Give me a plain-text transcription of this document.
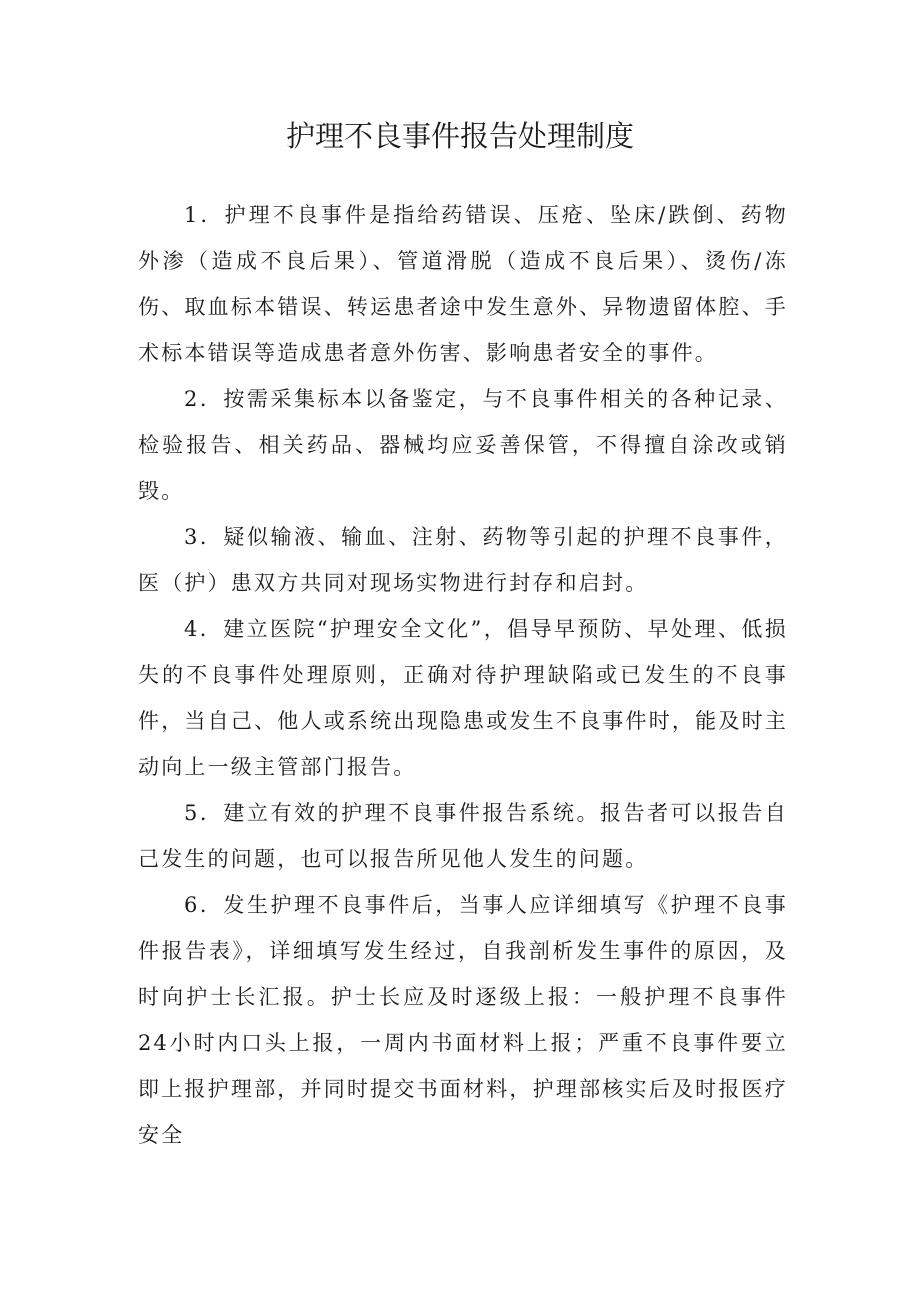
护理不良事件报告处理制度

1．护理不良事件是指给药错误、压疮、坠床/跌倒、药物外渗（造成不良后果）、管道滑脱（造成不良后果）、烫伤/冻伤、取血标本错误、转运患者途中发生意外、异物遗留体腔、手术标本错误等造成患者意外伤害、影响患者安全的事件。

2．按需采集标本以备鉴定，与不良事件相关的各种记录、检验报告、相关药品、器械均应妥善保管，不得擅自涂改或销毁。

3．疑似输液、输血、注射、药物等引起的护理不良事件，医（护）患双方共同对现场实物进行封存和启封。

4．建立医院“护理安全文化”，倡导早预防、早处理、低损失的不良事件处理原则，正确对待护理缺陷或已发生的不良事件，当自己、他人或系统出现隐患或发生不良事件时，能及时主动向上一级主管部门报告。

5．建立有效的护理不良事件报告系统。报告者可以报告自己发生的问题，也可以报告所见他人发生的问题。

6．发生护理不良事件后，当事人应详细填写《护理不良事件报告表》，详细填写发生经过，自我剖析发生事件的原因，及时向护士长汇报。护士长应及时逐级上报：一般护理不良事件24小时内口头上报，一周内书面材料上报；严重不良事件要立即上报护理部，并同时提交书面材料，护理部核实后及时报医疗安全
